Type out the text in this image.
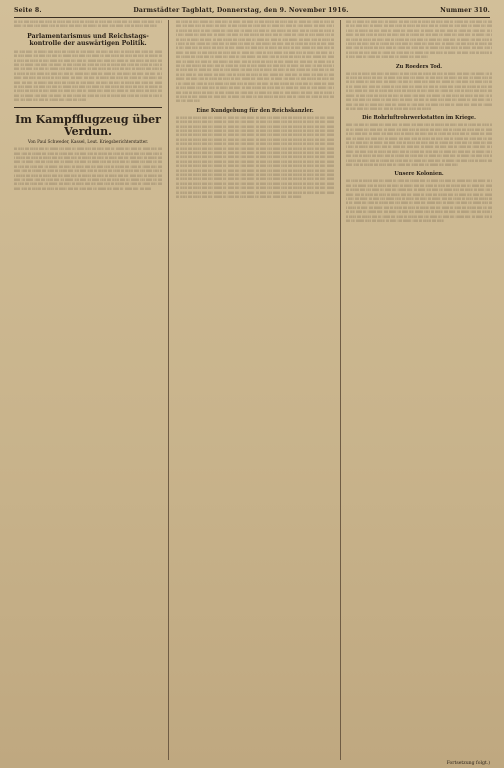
Seite 8.	Darmstädter Tagblatt, Donnerstag, den 9. November 1916.	Nummer 310.
ǀǀǀ ǀǀǀǀ ǀǀǀǀǀ ǀǀǀǀǀǀǀ ǀǀǀǀǀ ǀǀǀǀǀǀ ǀǀǀ ǀǀǀǀǀǀǀ ǀǀǀǀǀ ǀǀǀǀǀǀ ǀǀǀǀ ǀǀǀǀǀǀǀǀ ǀǀǀ ǀǀǀǀǀǀ ǀǀǀǀǀ ǀǀǀǀǀǀǀ ǀǀǀǀǀ ǀǀǀ ǀǀǀǀǀǀǀ ǀǀǀǀǀ ǀǀǀǀǀǀ ǀǀǀǀ ǀǀǀǀǀǀǀǀ ǀǀǀ ǀǀǀǀǀǀ ǀǀǀǀǀ ǀǀǀǀǀǀǀ ǀǀǀǀǀ ǀǀǀ ǀǀǀǀǀǀǀ ǀǀǀǀǀ ǀǀǀǀǀǀ ǀǀǀǀ ǀǀǀǀǀǀǀǀ ǀǀǀ ǀǀǀǀǀǀ ǀǀǀǀǀ ǀǀǀǀǀǀǀ ǀǀǀǀǀ ǀǀǀ ǀǀǀǀǀǀǀ ǀǀǀǀǀ ǀǀǀǀǀǀ
Parlamentarismus und Reichstags- kontrolle der auswärtigen Politik.
ǀǀǀǀ ǀǀǀǀǀ ǀǀǀǀǀǀ ǀǀǀ ǀǀǀǀǀǀǀǀ ǀǀǀǀǀ ǀǀǀǀǀǀ ǀǀǀǀ ǀǀǀǀǀǀǀ ǀǀǀ ǀǀǀǀǀ ǀǀǀǀǀǀǀ ǀǀǀǀ ǀǀǀǀǀǀ ǀǀǀǀ ǀǀǀǀǀ ǀǀǀ ǀǀǀǀǀǀǀǀ ǀǀǀǀǀ ǀǀǀǀǀǀ ǀǀǀǀ ǀǀǀǀǀǀǀ ǀǀǀ ǀǀǀǀǀ ǀǀǀǀǀǀǀ ǀǀǀǀ ǀǀǀǀǀǀ ǀǀǀǀ ǀǀǀǀǀ ǀǀǀ ǀǀǀǀǀǀǀǀ ǀǀǀǀǀ ǀǀǀǀǀǀ ǀǀǀǀ ǀǀǀǀǀǀǀ ǀǀǀ ǀǀǀǀǀ ǀǀǀǀǀǀǀ ǀǀǀǀ ǀǀǀǀǀǀ ǀǀǀǀ ǀǀǀǀǀ ǀǀǀ ǀǀǀǀǀǀǀǀ ǀǀǀǀǀ ǀǀǀǀǀǀ ǀǀǀǀ ǀǀǀǀǀǀǀ ǀǀǀ ǀǀǀǀǀ ǀǀǀǀǀǀǀ ǀǀǀǀ ǀǀǀǀǀǀ ǀǀǀǀ ǀǀǀǀǀ ǀǀǀ ǀǀǀǀǀǀǀǀ ǀǀǀǀǀ ǀǀǀǀǀǀ ǀǀǀǀ ǀǀǀǀǀǀǀ ǀǀǀ ǀǀǀǀǀ ǀǀǀǀǀǀǀ ǀǀǀǀ ǀǀǀǀǀǀ ǀǀǀǀ ǀǀǀǀǀ ǀǀǀ ǀǀǀǀǀǀǀǀ ǀǀǀǀǀ ǀǀǀǀǀǀ ǀǀǀǀ ǀǀǀǀǀǀǀ ǀǀǀ ǀǀǀǀǀ ǀǀǀǀǀǀǀ ǀǀǀǀ ǀǀǀǀǀǀ ǀǀǀǀ ǀǀǀǀǀ ǀǀǀ ǀǀǀǀǀǀǀǀ ǀǀǀǀǀ ǀǀǀǀǀǀ ǀǀǀǀ ǀǀǀǀǀǀǀ ǀǀǀ ǀǀǀǀǀ ǀǀǀǀǀǀǀ ǀǀǀǀ ǀǀǀǀǀǀ ǀǀǀǀ ǀǀǀǀǀ ǀǀǀ ǀǀǀǀǀǀǀǀ ǀǀǀǀǀ ǀǀǀǀǀǀ ǀǀǀǀ ǀǀǀǀǀǀǀ ǀǀǀ ǀǀǀǀǀ ǀǀǀǀǀǀǀ ǀǀǀǀ ǀǀǀǀǀǀ ǀǀǀǀ ǀǀǀǀǀ ǀǀǀ ǀǀǀǀǀǀǀǀ ǀǀǀǀǀ ǀǀǀǀǀǀ ǀǀǀǀ ǀǀǀǀǀǀǀ ǀǀǀ ǀǀǀǀǀ ǀǀǀǀǀǀǀ ǀǀǀǀ ǀǀǀǀǀǀ ǀǀǀǀ ǀǀǀǀǀ ǀǀǀ ǀǀǀǀǀǀǀǀ ǀǀǀǀǀ ǀǀǀǀǀǀ ǀǀǀǀ ǀǀǀǀǀǀǀ ǀǀǀ ǀǀǀǀǀ ǀǀǀǀǀǀǀ ǀǀǀǀ ǀǀǀǀǀǀ ǀǀǀǀ ǀǀǀǀǀ ǀǀǀ ǀǀǀǀǀǀǀǀ ǀǀǀǀǀ ǀǀǀǀǀǀ ǀǀǀǀ ǀǀǀǀǀǀǀ ǀǀǀ ǀǀǀǀǀ ǀǀǀǀǀǀǀ ǀǀǀǀ ǀǀǀǀǀǀ ǀǀǀǀ ǀǀǀǀǀ ǀǀǀ ǀǀǀǀǀǀǀǀ ǀǀǀǀǀ ǀǀǀǀǀǀ ǀǀǀǀ ǀǀǀǀǀǀǀ ǀǀǀ ǀǀǀǀǀ ǀǀǀǀǀǀǀ ǀǀǀǀ ǀǀǀǀǀǀ ǀǀǀǀ ǀǀǀǀǀ ǀǀǀ ǀǀǀǀǀǀǀǀ ǀǀǀǀǀ ǀǀǀǀǀǀ ǀǀǀǀ ǀǀǀǀǀǀǀ ǀǀǀ ǀǀǀǀǀ ǀǀǀǀǀǀǀ ǀǀǀǀ ǀǀǀǀǀǀ ǀǀǀǀ ǀǀǀǀǀ ǀǀǀ ǀǀǀǀǀǀǀǀ ǀǀǀǀǀ ǀǀǀǀǀǀ ǀǀǀǀ ǀǀǀǀǀǀǀ ǀǀǀ ǀǀǀǀǀ ǀǀǀǀǀǀǀ ǀǀǀǀ ǀǀǀǀǀǀ ǀǀǀǀ ǀǀǀǀǀ ǀǀǀ ǀǀǀǀǀǀǀǀ ǀǀǀǀǀ ǀǀǀǀǀǀ ǀǀǀǀ ǀǀǀǀǀǀǀ ǀǀǀ ǀǀǀǀǀ ǀǀǀǀǀǀǀ ǀǀǀǀ ǀǀǀǀǀǀ ǀǀǀǀ ǀǀǀǀǀ ǀǀǀ ǀǀǀǀǀǀǀǀ ǀǀǀǀǀ ǀǀǀǀǀǀ ǀǀǀǀ ǀǀǀǀǀǀǀ ǀǀǀ ǀǀǀǀǀ ǀǀǀǀǀǀǀ ǀǀǀǀ ǀǀǀǀǀǀ ǀǀǀǀ ǀǀǀǀǀ ǀǀǀ ǀǀǀǀǀǀǀǀ ǀǀǀǀǀ ǀǀǀǀǀǀ ǀǀǀǀ ǀǀǀǀǀǀǀ ǀǀǀ ǀǀǀǀǀ ǀǀǀǀǀǀǀ ǀǀǀǀ ǀǀǀǀǀǀ ǀǀǀǀ ǀǀǀǀǀ ǀǀǀ ǀǀǀǀǀǀǀǀ ǀǀǀǀǀ ǀǀǀǀǀǀ ǀǀǀǀ ǀǀǀǀǀǀǀ ǀǀǀ ǀǀǀǀǀ ǀǀǀǀǀǀǀ ǀǀǀǀ ǀǀǀǀǀǀ ǀǀǀǀ ǀǀǀǀǀ ǀǀǀ ǀǀǀǀǀǀǀǀ ǀǀǀǀǀ ǀǀǀǀǀǀ ǀǀǀǀ ǀǀǀǀǀǀǀ ǀǀǀ ǀǀǀǀǀ ǀǀǀǀǀǀǀ ǀǀǀǀ ǀǀǀǀǀǀ ǀǀǀǀ ǀǀǀǀǀ ǀǀǀ ǀǀǀǀǀǀǀǀ ǀǀǀǀǀ ǀǀǀǀǀǀ ǀǀǀǀ ǀǀǀǀǀǀǀ
Im Kampfflugzeug über Verdun.
Von Paul Schweder, Kassel, Leut. Kriegsberichterstatter.
ǀǀǀ ǀǀǀǀǀ ǀǀǀǀ ǀǀǀǀǀǀǀ ǀǀǀǀǀ ǀǀǀ ǀǀǀǀǀǀǀǀ ǀǀǀǀ ǀǀǀǀǀǀ ǀǀǀ ǀǀǀǀǀǀǀ ǀǀǀǀǀ ǀǀǀǀ ǀǀǀǀǀǀ ǀǀǀǀǀ ǀǀǀ ǀǀǀǀǀǀǀǀ ǀǀǀǀ ǀǀǀǀǀǀ ǀǀǀ ǀǀǀǀǀǀǀ ǀǀǀǀǀ ǀǀǀǀ ǀǀǀǀǀǀ ǀǀǀǀǀ ǀǀǀ ǀǀǀǀǀǀǀǀ ǀǀǀǀ ǀǀǀǀǀǀ ǀǀǀ ǀǀǀǀǀǀǀ ǀǀǀǀǀ ǀǀǀǀ ǀǀǀǀǀǀ ǀǀǀǀǀ ǀǀǀ ǀǀǀǀǀǀǀǀ ǀǀǀǀ ǀǀǀǀǀǀ ǀǀǀ ǀǀǀǀǀǀǀ ǀǀǀǀǀ ǀǀǀǀ ǀǀǀǀǀǀ ǀǀǀǀǀ ǀǀǀ ǀǀǀǀǀǀǀǀ ǀǀǀǀ ǀǀǀǀǀǀ ǀǀǀ ǀǀǀǀǀǀǀ ǀǀǀǀǀ ǀǀǀǀ ǀǀǀǀǀǀ ǀǀǀǀǀ ǀǀǀ ǀǀǀǀǀǀǀǀ ǀǀǀǀ ǀǀǀǀǀǀ ǀǀǀ ǀǀǀǀǀǀǀ ǀǀǀǀǀ ǀǀǀǀ ǀǀǀǀǀǀ ǀǀǀǀǀ ǀǀǀ ǀǀǀǀǀǀǀǀ ǀǀǀǀ ǀǀǀǀǀǀ ǀǀǀ ǀǀǀǀǀǀǀ ǀǀǀǀǀ ǀǀǀǀ ǀǀǀǀǀǀ ǀǀǀǀǀ ǀǀǀ ǀǀǀǀǀǀǀǀ ǀǀǀǀ ǀǀǀǀǀǀ ǀǀǀ ǀǀǀǀǀǀǀ ǀǀǀǀǀ ǀǀǀǀ ǀǀǀǀǀǀ ǀǀǀǀǀ ǀǀǀ ǀǀǀǀǀǀǀǀ ǀǀǀǀ ǀǀǀǀǀǀ ǀǀǀ ǀǀǀǀǀǀǀ ǀǀǀǀǀ ǀǀǀǀ ǀǀǀǀǀǀ ǀǀǀǀǀ ǀǀǀ ǀǀǀǀǀǀǀǀ ǀǀǀǀ ǀǀǀǀǀǀ ǀǀǀ ǀǀǀǀǀǀǀ ǀǀǀǀǀ ǀǀǀǀ ǀǀǀǀǀǀ ǀǀǀǀǀ ǀǀǀ ǀǀǀǀǀǀǀǀ ǀǀǀǀ ǀǀǀǀǀǀ ǀǀǀ ǀǀǀǀǀǀǀ ǀǀǀǀǀ ǀǀǀǀ ǀǀǀǀǀǀ ǀǀǀǀǀ ǀǀǀ ǀǀǀǀǀǀǀǀ ǀǀǀǀ ǀǀǀǀǀǀ ǀǀǀ ǀǀǀǀǀǀǀ ǀǀǀǀǀ ǀǀǀǀ ǀǀǀǀǀǀ ǀǀǀǀǀ ǀǀǀ ǀǀǀǀǀǀǀǀ ǀǀǀǀ ǀǀǀǀǀǀ ǀǀǀ ǀǀǀǀǀǀǀ ǀǀǀǀǀ ǀǀǀǀ ǀǀǀǀǀǀ ǀǀǀǀǀ ǀǀǀ ǀǀǀǀǀǀǀǀ ǀǀǀǀ ǀǀǀǀǀǀ ǀǀǀ ǀǀǀǀǀǀǀ ǀǀǀǀǀ ǀǀǀǀ ǀǀǀǀǀǀ ǀǀǀǀǀ ǀǀǀ ǀǀǀǀǀǀǀǀ ǀǀǀǀ ǀǀǀǀǀǀ ǀǀǀ ǀǀǀǀǀǀǀ ǀǀǀǀǀ ǀǀǀǀ ǀǀǀǀǀǀ ǀǀǀǀǀ ǀǀǀ ǀǀǀǀǀǀǀǀ ǀǀǀǀ ǀǀǀǀǀǀ ǀǀǀ ǀǀǀǀǀǀǀ ǀǀǀǀǀ ǀǀǀǀ ǀǀǀǀǀǀ ǀǀǀǀǀ ǀǀǀ ǀǀǀǀǀǀǀǀ ǀǀǀǀ ǀǀǀǀǀǀ ǀǀǀ ǀǀǀǀǀǀǀ ǀǀǀǀǀ ǀǀǀǀ ǀǀǀǀǀǀ ǀǀǀǀǀ ǀǀǀ ǀǀǀǀǀǀǀǀ ǀǀǀǀ ǀǀǀǀǀǀ ǀǀǀ ǀǀǀǀǀǀǀ ǀǀǀǀǀ ǀǀǀǀ ǀǀǀǀǀǀ ǀǀǀǀǀ ǀǀǀ ǀǀǀǀǀǀǀǀ ǀǀǀǀ ǀǀǀǀǀǀ ǀǀǀ ǀǀǀǀǀǀǀ ǀǀǀǀǀ ǀǀǀǀ ǀǀǀǀǀǀ ǀǀǀǀǀ ǀǀǀ ǀǀǀǀǀǀǀǀ ǀǀǀǀ ǀǀǀǀǀǀ ǀǀǀ ǀǀǀǀǀǀǀ ǀǀǀǀǀ ǀǀǀǀ ǀǀǀǀǀǀ ǀǀǀǀǀ ǀǀǀ ǀǀǀǀǀǀǀǀ ǀǀǀǀ ǀǀǀǀǀǀ ǀǀǀ ǀǀǀǀǀǀǀ ǀǀǀǀǀ ǀǀǀǀ ǀǀǀǀǀǀ ǀǀǀǀǀ ǀǀǀ ǀǀǀǀǀǀǀǀ ǀǀǀǀ ǀǀǀǀǀǀ ǀǀǀ ǀǀǀǀǀǀǀ ǀǀǀǀǀ ǀǀǀǀ ǀǀǀǀǀǀ
ǀǀǀǀ ǀǀǀǀǀǀ ǀǀǀ ǀǀǀǀǀ ǀǀǀǀǀǀǀǀ ǀǀǀǀ ǀǀǀǀǀǀ ǀǀǀǀǀ ǀǀǀ ǀǀǀǀǀǀǀ ǀǀǀǀ ǀǀǀǀǀǀ ǀǀǀ ǀǀǀǀǀ ǀǀǀǀǀǀǀǀ ǀǀǀǀ ǀǀǀǀǀǀ ǀǀǀǀǀ ǀǀǀ ǀǀǀǀǀǀǀ ǀǀǀǀ ǀǀǀǀǀǀ ǀǀǀ ǀǀǀǀǀ ǀǀǀǀǀǀǀǀ ǀǀǀǀ ǀǀǀǀǀǀ ǀǀǀǀǀ ǀǀǀ ǀǀǀǀǀǀǀ ǀǀǀǀ ǀǀǀǀǀǀ ǀǀǀ ǀǀǀǀǀ ǀǀǀǀǀǀǀǀ ǀǀǀǀ ǀǀǀǀǀǀ ǀǀǀǀǀ ǀǀǀ ǀǀǀǀǀǀǀ ǀǀǀǀ ǀǀǀǀǀǀ ǀǀǀ ǀǀǀǀǀ ǀǀǀǀǀǀǀǀ ǀǀǀǀ ǀǀǀǀǀǀ ǀǀǀǀǀ ǀǀǀ ǀǀǀǀǀǀǀ ǀǀǀǀ ǀǀǀǀǀǀ ǀǀǀ ǀǀǀǀǀ ǀǀǀǀǀǀǀǀ ǀǀǀǀ ǀǀǀǀǀǀ ǀǀǀǀǀ ǀǀǀ ǀǀǀǀǀǀǀ ǀǀǀǀ ǀǀǀǀǀǀ ǀǀǀ ǀǀǀǀǀ ǀǀǀǀǀǀǀǀ ǀǀǀǀ ǀǀǀǀǀǀ ǀǀǀǀǀ ǀǀǀ ǀǀǀǀǀǀǀ ǀǀǀǀ ǀǀǀǀǀǀ ǀǀǀ ǀǀǀǀǀ ǀǀǀǀǀǀǀǀ ǀǀǀǀ ǀǀǀǀǀǀ ǀǀǀǀǀ ǀǀǀ ǀǀǀǀǀǀǀ ǀǀǀǀ ǀǀǀǀǀǀ ǀǀǀ ǀǀǀǀǀ ǀǀǀǀǀǀǀǀ ǀǀǀǀ ǀǀǀǀǀǀ ǀǀǀǀǀ ǀǀǀ ǀǀǀǀǀǀǀ ǀǀǀǀ ǀǀǀǀǀǀ ǀǀǀ ǀǀǀǀǀ ǀǀǀǀǀǀǀǀ ǀǀǀǀ ǀǀǀǀǀǀ ǀǀǀǀǀ ǀǀǀ ǀǀǀǀǀǀǀ ǀǀǀǀ ǀǀǀǀǀǀ ǀǀǀ ǀǀǀǀǀ ǀǀǀǀǀǀǀǀ ǀǀǀǀ ǀǀǀǀǀǀ ǀǀǀǀǀ ǀǀǀ ǀǀǀǀǀǀǀ ǀǀǀǀ ǀǀǀǀǀǀ ǀǀǀ ǀǀǀǀǀ ǀǀǀǀǀǀǀǀ ǀǀǀǀ ǀǀǀǀǀǀ ǀǀǀǀǀ ǀǀǀ ǀǀǀǀǀǀǀ ǀǀǀǀ ǀǀǀǀǀǀ ǀǀǀ ǀǀǀǀǀ ǀǀǀǀǀǀǀǀ ǀǀǀǀ ǀǀǀǀǀǀ ǀǀǀǀǀ ǀǀǀ ǀǀǀǀǀǀǀ ǀǀǀǀ ǀǀǀǀǀǀ ǀǀǀ ǀǀǀǀǀ ǀǀǀǀǀǀǀǀ ǀǀǀǀ ǀǀǀǀǀǀ ǀǀǀǀǀ ǀǀǀ ǀǀǀǀǀǀǀ ǀǀǀǀ ǀǀǀǀǀǀ ǀǀǀ ǀǀǀǀǀ ǀǀǀǀǀǀǀǀ ǀǀǀǀ ǀǀǀǀǀǀ ǀǀǀǀǀ ǀǀǀ ǀǀǀǀǀǀǀ ǀǀǀǀ ǀǀǀǀǀǀ ǀǀǀ ǀǀǀǀǀ ǀǀǀǀǀǀǀǀ ǀǀǀǀ ǀǀǀǀǀǀ ǀǀǀǀǀ ǀǀǀ ǀǀǀǀǀǀǀ ǀǀǀǀ ǀǀǀǀǀǀ ǀǀǀ ǀǀǀǀǀ ǀǀǀǀǀǀǀǀ ǀǀǀǀ ǀǀǀǀǀǀ ǀǀǀǀǀ ǀǀǀ ǀǀǀǀǀǀǀ ǀǀǀǀ ǀǀǀǀǀǀ ǀǀǀ ǀǀǀǀǀ ǀǀǀǀǀǀǀǀ ǀǀǀǀ ǀǀǀǀǀǀ ǀǀǀǀǀ ǀǀǀ ǀǀǀǀǀǀǀ ǀǀǀǀ ǀǀǀǀǀǀ ǀǀǀ ǀǀǀǀǀ ǀǀǀǀǀǀǀǀ ǀǀǀǀ ǀǀǀǀǀǀ ǀǀǀǀǀ ǀǀǀ ǀǀǀǀǀǀǀ ǀǀǀǀ ǀǀǀǀǀǀ ǀǀǀ ǀǀǀǀǀ ǀǀǀǀǀǀǀǀ ǀǀǀǀ ǀǀǀǀǀǀ ǀǀǀǀǀ ǀǀǀ ǀǀǀǀǀǀǀ ǀǀǀǀ ǀǀǀǀǀǀ ǀǀǀ ǀǀǀǀǀ ǀǀǀǀǀǀǀǀ ǀǀǀǀ ǀǀǀǀǀǀ ǀǀǀǀǀ ǀǀǀ ǀǀǀǀǀǀǀ ǀǀǀǀ ǀǀǀǀǀǀ ǀǀǀ ǀǀǀǀǀ ǀǀǀǀǀǀǀǀ ǀǀǀǀ ǀǀǀǀǀǀ ǀǀǀǀǀ ǀǀǀ ǀǀǀǀǀǀǀ ǀǀǀǀ ǀǀǀǀǀǀ ǀǀǀ ǀǀǀǀǀ ǀǀǀǀǀǀǀǀ ǀǀǀǀ ǀǀǀǀǀǀ ǀǀǀǀǀ ǀǀǀ ǀǀǀǀǀǀǀ ǀǀǀǀ ǀǀǀǀǀǀ ǀǀǀ ǀǀǀǀǀ ǀǀǀǀǀǀǀǀ ǀǀǀǀ ǀǀǀǀǀǀ ǀǀǀǀǀ ǀǀǀ ǀǀǀǀǀǀǀ ǀǀǀǀ ǀǀǀǀǀǀ ǀǀǀ ǀǀǀǀǀ ǀǀǀǀǀǀǀǀ ǀǀǀǀ ǀǀǀǀǀǀ ǀǀǀǀǀ ǀǀǀ ǀǀǀǀǀǀǀ ǀǀǀǀ ǀǀǀǀǀǀ ǀǀǀ ǀǀǀǀǀ ǀǀǀǀǀǀǀǀ ǀǀǀǀ ǀǀǀǀǀǀ ǀǀǀǀǀ ǀǀǀ ǀǀǀǀǀǀǀ ǀǀǀǀ ǀǀǀǀǀǀ ǀǀǀ ǀǀǀǀǀ ǀǀǀǀǀǀǀǀ ǀǀǀǀ ǀǀǀǀǀǀ ǀǀǀǀǀ ǀǀǀ ǀǀǀǀǀǀǀ ǀǀǀǀ ǀǀǀǀǀǀ ǀǀǀ ǀǀǀǀǀ ǀǀǀǀǀǀǀǀ ǀǀǀǀ ǀǀǀǀǀǀ ǀǀǀǀǀ ǀǀǀ ǀǀǀǀǀǀǀ ǀǀǀǀ ǀǀǀǀǀǀ ǀǀǀ ǀǀǀǀǀ ǀǀǀǀǀǀǀǀ ǀǀǀǀ ǀǀǀǀǀǀ ǀǀǀǀǀ ǀǀǀ ǀǀǀǀǀǀǀ ǀǀǀǀ ǀǀǀǀǀǀ ǀǀǀ ǀǀǀǀǀ ǀǀǀǀǀǀǀǀ ǀǀǀǀ ǀǀǀǀǀǀ ǀǀǀǀǀ ǀǀǀ ǀǀǀǀǀǀǀ ǀǀǀǀ ǀǀǀǀǀǀ ǀǀǀ ǀǀǀǀǀ ǀǀǀǀǀǀǀǀ ǀǀǀǀ ǀǀǀǀǀǀ ǀǀǀǀǀ ǀǀǀ ǀǀǀǀǀǀǀ ǀǀǀǀ ǀǀǀǀǀǀ ǀǀǀ ǀǀǀǀǀ ǀǀǀǀǀǀǀǀ ǀǀǀǀ ǀǀǀǀǀǀ ǀǀǀǀǀ ǀǀǀ ǀǀǀǀǀǀǀ ǀǀǀǀ ǀǀǀǀǀǀ ǀǀǀ ǀǀǀǀǀ ǀǀǀǀǀǀǀǀ ǀǀǀǀ ǀǀǀǀǀǀ ǀǀǀǀǀ ǀǀǀ ǀǀǀǀǀǀǀ ǀǀǀǀ ǀǀǀǀǀǀ ǀǀǀ ǀǀǀǀǀ ǀǀǀǀǀǀǀǀ ǀǀǀǀ ǀǀǀǀǀǀ ǀǀǀǀǀ ǀǀǀ ǀǀǀǀǀǀǀ ǀǀǀǀ ǀǀǀǀǀǀ ǀǀǀ ǀǀǀǀǀ ǀǀǀǀǀǀǀǀ ǀǀǀǀ ǀǀǀǀǀǀ ǀǀǀǀǀ ǀǀǀ ǀǀǀǀǀǀǀ ǀǀǀǀ ǀǀǀǀǀǀ ǀǀǀ ǀǀǀǀǀ ǀǀǀǀǀǀǀǀ ǀǀǀǀ ǀǀǀǀǀǀ ǀǀǀǀǀ ǀǀǀ ǀǀǀǀǀǀǀ ǀǀǀǀ ǀǀǀǀǀǀ ǀǀǀ ǀǀǀǀǀ ǀǀǀǀǀǀǀǀ ǀǀǀǀ ǀǀǀǀǀǀ ǀǀǀǀǀ ǀǀǀ ǀǀǀǀǀǀǀ ǀǀǀǀ ǀǀǀǀǀǀ ǀǀǀ ǀǀǀǀǀ ǀǀǀǀǀǀǀǀ ǀǀǀǀ ǀǀǀǀǀǀ ǀǀǀǀǀ ǀǀǀ ǀǀǀǀǀǀǀ ǀǀǀǀ ǀǀǀǀǀǀ ǀǀǀ ǀǀǀǀǀ ǀǀǀǀǀǀǀǀ ǀǀǀǀ ǀǀǀǀǀǀ ǀǀǀǀǀ ǀǀǀ ǀǀǀǀǀǀǀ ǀǀǀǀ ǀǀǀǀǀǀ ǀǀǀ ǀǀǀǀǀ ǀǀǀǀǀǀǀǀ ǀǀǀǀ ǀǀǀǀǀǀ ǀǀǀǀǀ ǀǀǀ ǀǀǀǀǀǀǀ ǀǀǀǀ ǀǀǀǀǀǀ ǀǀǀ ǀǀǀǀǀ ǀǀǀǀǀǀǀǀ ǀǀǀǀ ǀǀǀǀǀǀ ǀǀǀǀǀ ǀǀǀ ǀǀǀǀǀǀǀ ǀǀǀǀ ǀǀǀǀǀǀ ǀǀǀ ǀǀǀǀǀ ǀǀǀǀǀǀǀǀ ǀǀǀǀ ǀǀǀǀǀǀ ǀǀǀǀǀ ǀǀǀ ǀǀǀǀǀǀǀ ǀǀǀǀ ǀǀǀǀǀǀ ǀǀǀ ǀǀǀǀǀ ǀǀǀǀǀǀǀǀ ǀǀǀǀ ǀǀǀǀǀǀ ǀǀǀǀǀ ǀǀǀ ǀǀǀǀǀǀǀ ǀǀǀǀ ǀǀǀǀǀǀ ǀǀǀ ǀǀǀǀǀ ǀǀǀǀǀǀǀǀ ǀǀǀǀ ǀǀǀǀǀǀ ǀǀǀǀǀ
Eine Kundgebung für den Reichskanzler.
ǀǀǀ ǀǀǀǀǀǀ ǀǀǀǀ ǀǀǀǀǀǀǀ ǀǀǀǀǀ ǀǀǀǀ ǀǀǀǀǀǀǀǀ ǀǀǀ ǀǀǀǀǀǀ ǀǀǀǀ ǀǀǀǀǀ ǀǀǀǀǀǀǀ ǀǀǀ ǀǀǀǀǀǀ ǀǀǀǀ ǀǀǀǀǀǀǀ ǀǀǀǀǀ ǀǀǀǀ ǀǀǀǀǀǀǀǀ ǀǀǀ ǀǀǀǀǀǀ ǀǀǀǀ ǀǀǀǀǀ ǀǀǀǀǀǀǀ ǀǀǀ ǀǀǀǀǀǀ ǀǀǀǀ ǀǀǀǀǀǀǀ ǀǀǀǀǀ ǀǀǀǀ ǀǀǀǀǀǀǀǀ ǀǀǀ ǀǀǀǀǀǀ ǀǀǀǀ ǀǀǀǀǀ ǀǀǀǀǀǀǀ ǀǀǀ ǀǀǀǀǀǀ ǀǀǀǀ ǀǀǀǀǀǀǀ ǀǀǀǀǀ ǀǀǀǀ ǀǀǀǀǀǀǀǀ ǀǀǀ ǀǀǀǀǀǀ ǀǀǀǀ ǀǀǀǀǀ ǀǀǀǀǀǀǀ ǀǀǀ ǀǀǀǀǀǀ ǀǀǀǀ ǀǀǀǀǀǀǀ ǀǀǀǀǀ ǀǀǀǀ ǀǀǀǀǀǀǀǀ ǀǀǀ ǀǀǀǀǀǀ ǀǀǀǀ ǀǀǀǀǀ ǀǀǀǀǀǀǀ ǀǀǀ ǀǀǀǀǀǀ ǀǀǀǀ ǀǀǀǀǀǀǀ ǀǀǀǀǀ ǀǀǀǀ ǀǀǀǀǀǀǀǀ ǀǀǀ ǀǀǀǀǀǀ ǀǀǀǀ ǀǀǀǀǀ ǀǀǀǀǀǀǀ ǀǀǀ ǀǀǀǀǀǀ ǀǀǀǀ ǀǀǀǀǀǀǀ ǀǀǀǀǀ ǀǀǀǀ ǀǀǀǀǀǀǀǀ ǀǀǀ ǀǀǀǀǀǀ ǀǀǀǀ ǀǀǀǀǀ ǀǀǀǀǀǀǀ ǀǀǀ ǀǀǀǀǀǀ ǀǀǀǀ ǀǀǀǀǀǀǀ ǀǀǀǀǀ ǀǀǀǀ ǀǀǀǀǀǀǀǀ ǀǀǀ ǀǀǀǀǀǀ ǀǀǀǀ ǀǀǀǀǀ ǀǀǀǀǀǀǀ ǀǀǀ ǀǀǀǀǀǀ ǀǀǀǀ ǀǀǀǀǀǀǀ ǀǀǀǀǀ ǀǀǀǀ ǀǀǀǀǀǀǀǀ ǀǀǀ ǀǀǀǀǀǀ ǀǀǀǀ ǀǀǀǀǀ ǀǀǀǀǀǀǀ ǀǀǀ ǀǀǀǀǀǀ ǀǀǀǀ ǀǀǀǀǀǀǀ ǀǀǀǀǀ ǀǀǀǀ ǀǀǀǀǀǀǀǀ ǀǀǀ ǀǀǀǀǀǀ ǀǀǀǀ ǀǀǀǀǀ ǀǀǀǀǀǀǀ ǀǀǀ ǀǀǀǀǀǀ ǀǀǀǀ ǀǀǀǀǀǀǀ ǀǀǀǀǀ ǀǀǀǀ ǀǀǀǀǀǀǀǀ ǀǀǀ ǀǀǀǀǀǀ ǀǀǀǀ ǀǀǀǀǀ ǀǀǀǀǀǀǀ ǀǀǀ ǀǀǀǀǀǀ ǀǀǀǀ ǀǀǀǀǀǀǀ ǀǀǀǀǀ ǀǀǀǀ ǀǀǀǀǀǀǀǀ ǀǀǀ ǀǀǀǀǀǀ ǀǀǀǀ ǀǀǀǀǀ ǀǀǀǀǀǀǀ ǀǀǀ ǀǀǀǀǀǀ ǀǀǀǀ ǀǀǀǀǀǀǀ ǀǀǀǀǀ ǀǀǀǀ ǀǀǀǀǀǀǀǀ ǀǀǀ ǀǀǀǀǀǀ ǀǀǀǀ ǀǀǀǀǀ ǀǀǀǀǀǀǀ ǀǀǀ ǀǀǀǀǀǀ ǀǀǀǀ ǀǀǀǀǀǀǀ ǀǀǀǀǀ ǀǀǀǀ ǀǀǀǀǀǀǀǀ ǀǀǀ ǀǀǀǀǀǀ ǀǀǀǀ ǀǀǀǀǀ ǀǀǀǀǀǀǀ ǀǀǀ ǀǀǀǀǀǀ ǀǀǀǀ ǀǀǀǀǀǀǀ ǀǀǀǀǀ ǀǀǀǀ ǀǀǀǀǀǀǀǀ ǀǀǀ ǀǀǀǀǀǀ ǀǀǀǀ ǀǀǀǀǀ ǀǀǀǀǀǀǀ ǀǀǀ ǀǀǀǀǀǀ ǀǀǀǀ ǀǀǀǀǀǀǀ ǀǀǀǀǀ ǀǀǀǀ ǀǀǀǀǀǀǀǀ ǀǀǀ ǀǀǀǀǀǀ ǀǀǀǀ ǀǀǀǀǀ ǀǀǀǀǀǀǀ ǀǀǀ ǀǀǀǀǀǀ ǀǀǀǀ ǀǀǀǀǀǀǀ ǀǀǀǀǀ ǀǀǀǀ ǀǀǀǀǀǀǀǀ ǀǀǀ ǀǀǀǀǀǀ ǀǀǀǀ ǀǀǀǀǀ ǀǀǀǀǀǀǀ ǀǀǀ ǀǀǀǀǀǀ ǀǀǀǀ ǀǀǀǀǀǀǀ ǀǀǀǀǀ ǀǀǀǀ ǀǀǀǀǀǀǀǀ ǀǀǀ ǀǀǀǀǀǀ ǀǀǀǀ ǀǀǀǀǀ ǀǀǀǀǀǀǀ ǀǀǀ ǀǀǀǀǀǀ ǀǀǀǀ ǀǀǀǀǀǀǀ ǀǀǀǀǀ ǀǀǀǀ ǀǀǀǀǀǀǀǀ ǀǀǀ ǀǀǀǀǀǀ ǀǀǀǀ ǀǀǀǀǀ ǀǀǀǀǀǀǀ ǀǀǀ ǀǀǀǀǀǀ ǀǀǀǀ ǀǀǀǀǀǀǀ ǀǀǀǀǀ ǀǀǀǀ ǀǀǀǀǀǀǀǀ ǀǀǀ ǀǀǀǀǀǀ ǀǀǀǀ ǀǀǀǀǀ ǀǀǀǀǀǀǀ ǀǀǀ ǀǀǀǀǀǀ ǀǀǀǀ ǀǀǀǀǀǀǀ ǀǀǀǀǀ ǀǀǀǀ ǀǀǀǀǀǀǀǀ ǀǀǀ ǀǀǀǀǀǀ ǀǀǀǀ ǀǀǀǀǀ ǀǀǀǀǀǀǀ ǀǀǀ ǀǀǀǀǀǀ ǀǀǀǀ ǀǀǀǀǀǀǀ ǀǀǀǀǀ ǀǀǀǀ ǀǀǀǀǀǀǀǀ ǀǀǀ ǀǀǀǀǀǀ ǀǀǀǀ ǀǀǀǀǀ ǀǀǀǀǀǀǀ ǀǀǀ ǀǀǀǀǀǀ ǀǀǀǀ ǀǀǀǀǀǀǀ ǀǀǀǀǀ ǀǀǀǀ ǀǀǀǀǀǀǀǀ ǀǀǀ ǀǀǀǀǀǀ ǀǀǀǀ ǀǀǀǀǀ ǀǀǀǀǀǀǀ ǀǀǀ ǀǀǀǀǀǀ ǀǀǀǀ ǀǀǀǀǀǀǀ ǀǀǀǀǀ ǀǀǀǀ ǀǀǀǀǀǀǀǀ ǀǀǀ ǀǀǀǀǀǀ ǀǀǀǀ ǀǀǀǀǀ ǀǀǀǀǀǀǀ ǀǀǀ ǀǀǀǀǀǀ ǀǀǀǀ ǀǀǀǀǀǀǀ ǀǀǀǀǀ ǀǀǀǀ ǀǀǀǀǀǀǀǀ ǀǀǀ ǀǀǀǀǀǀ ǀǀǀǀ ǀǀǀǀǀ ǀǀǀǀǀǀǀ ǀǀǀ ǀǀǀǀǀǀ ǀǀǀǀ ǀǀǀǀǀǀǀ ǀǀǀǀǀ ǀǀǀǀ ǀǀǀǀǀǀǀǀ ǀǀǀ ǀǀǀǀǀǀ ǀǀǀǀ ǀǀǀǀǀ ǀǀǀǀǀǀǀ ǀǀǀ ǀǀǀǀǀǀ ǀǀǀǀ ǀǀǀǀǀǀǀ ǀǀǀǀǀ ǀǀǀǀ ǀǀǀǀǀǀǀǀ ǀǀǀ ǀǀǀǀǀǀ ǀǀǀǀ ǀǀǀǀǀ ǀǀǀǀǀǀǀ ǀǀǀ ǀǀǀǀǀǀ ǀǀǀǀ ǀǀǀǀǀǀǀ ǀǀǀǀǀ ǀǀǀǀ ǀǀǀǀǀǀǀǀ ǀǀǀ ǀǀǀǀǀǀ ǀǀǀǀ ǀǀǀǀǀ ǀǀǀǀǀǀǀ ǀǀǀ ǀǀǀǀǀǀ ǀǀǀǀ ǀǀǀǀǀǀǀ ǀǀǀǀǀ ǀǀǀǀ ǀǀǀǀǀǀǀǀ ǀǀǀ ǀǀǀǀǀǀ ǀǀǀǀ ǀǀǀǀǀ ǀǀǀǀǀǀǀ ǀǀǀ ǀǀǀǀǀǀ ǀǀǀǀ ǀǀǀǀǀǀǀ ǀǀǀǀǀ ǀǀǀǀ ǀǀǀǀǀǀǀǀ ǀǀǀ ǀǀǀǀǀǀ ǀǀǀǀ ǀǀǀǀǀ ǀǀǀǀǀǀǀ ǀǀǀ ǀǀǀǀǀǀ ǀǀǀǀ ǀǀǀǀǀǀǀ ǀǀǀǀǀ ǀǀǀǀ ǀǀǀǀǀǀǀǀ ǀǀǀ ǀǀǀǀǀǀ ǀǀǀǀ ǀǀǀǀǀ ǀǀǀǀǀǀǀ ǀǀǀ ǀǀǀǀǀǀ ǀǀǀǀ ǀǀǀǀǀǀǀ ǀǀǀǀǀ ǀǀǀǀ ǀǀǀǀǀǀǀǀ ǀǀǀ ǀǀǀǀǀǀ ǀǀǀǀ ǀǀǀǀǀ ǀǀǀǀǀǀǀ ǀǀǀ ǀǀǀǀǀǀ ǀǀǀǀ ǀǀǀǀǀǀǀ ǀǀǀǀǀ ǀǀǀǀ ǀǀǀǀǀǀǀǀ ǀǀǀ ǀǀǀǀǀǀ ǀǀǀǀ ǀǀǀǀǀ ǀǀǀǀǀǀǀ ǀǀǀ ǀǀǀǀǀǀ ǀǀǀǀ ǀǀǀǀǀǀǀ ǀǀǀǀǀ ǀǀǀǀ ǀǀǀǀǀǀǀǀ ǀǀǀ ǀǀǀǀǀǀ ǀǀǀǀ ǀǀǀǀǀ ǀǀǀǀǀǀǀ ǀǀǀ ǀǀǀǀǀǀ ǀǀǀǀ ǀǀǀǀǀǀǀ ǀǀǀǀǀ ǀǀǀǀ ǀǀǀǀǀǀǀǀ ǀǀǀ ǀǀǀǀǀǀ ǀǀǀǀ ǀǀǀǀǀ ǀǀǀǀǀǀǀ ǀǀǀ ǀǀǀǀǀǀ ǀǀǀǀ ǀǀǀǀǀǀǀ ǀǀǀǀǀ ǀǀǀǀ ǀǀǀǀǀǀǀǀ ǀǀǀ ǀǀǀǀǀǀ ǀǀǀǀ ǀǀǀǀǀ ǀǀǀǀǀǀǀ ǀǀǀ ǀǀǀǀǀǀ ǀǀǀǀ ǀǀǀǀǀǀǀ ǀǀǀǀǀ ǀǀǀǀ ǀǀǀǀǀǀǀǀ ǀǀǀ ǀǀǀǀǀǀ ǀǀǀǀ ǀǀǀǀǀ ǀǀǀǀǀǀǀ ǀǀǀ ǀǀǀǀǀǀ ǀǀǀǀ ǀǀǀǀǀǀǀ ǀǀǀǀǀ ǀǀǀǀ ǀǀǀǀǀǀǀǀ
ǀǀǀǀǀ ǀǀǀ ǀǀǀǀǀǀǀ ǀǀǀǀ ǀǀǀǀǀǀ ǀǀǀǀǀ ǀǀǀ ǀǀǀǀǀǀǀǀ ǀǀǀǀ ǀǀǀǀǀ ǀǀǀǀǀǀ ǀǀǀ ǀǀǀǀǀǀǀ ǀǀǀǀ ǀǀǀǀǀǀ ǀǀǀǀǀ ǀǀǀ ǀǀǀǀǀǀǀǀ ǀǀǀǀ ǀǀǀǀǀ ǀǀǀǀǀǀ ǀǀǀ ǀǀǀǀǀǀǀ ǀǀǀǀ ǀǀǀǀǀǀ ǀǀǀǀǀ ǀǀǀ ǀǀǀǀǀǀǀǀ ǀǀǀǀ ǀǀǀǀǀ ǀǀǀǀǀǀ ǀǀǀ ǀǀǀǀǀǀǀ ǀǀǀǀ ǀǀǀǀǀǀ ǀǀǀǀǀ ǀǀǀ ǀǀǀǀǀǀǀǀ ǀǀǀǀ ǀǀǀǀǀ ǀǀǀǀǀǀ ǀǀǀ ǀǀǀǀǀǀǀ ǀǀǀǀ ǀǀǀǀǀǀ ǀǀǀǀǀ ǀǀǀ ǀǀǀǀǀǀǀǀ ǀǀǀǀ ǀǀǀǀǀ ǀǀǀǀǀǀ ǀǀǀ ǀǀǀǀǀǀǀ ǀǀǀǀ ǀǀǀǀǀǀ ǀǀǀǀǀ ǀǀǀ ǀǀǀǀǀǀǀǀ ǀǀǀǀ ǀǀǀǀǀ ǀǀǀǀǀǀ ǀǀǀ ǀǀǀǀǀǀǀ ǀǀǀǀ ǀǀǀǀǀǀ ǀǀǀǀǀ ǀǀǀ ǀǀǀǀǀǀǀǀ ǀǀǀǀ ǀǀǀǀǀ ǀǀǀǀǀǀ ǀǀǀ ǀǀǀǀǀǀǀ ǀǀǀǀ ǀǀǀǀǀǀ ǀǀǀǀǀ ǀǀǀ ǀǀǀǀǀǀǀǀ ǀǀǀǀ ǀǀǀǀǀ ǀǀǀǀǀǀ ǀǀǀ ǀǀǀǀǀǀǀ ǀǀǀǀ ǀǀǀǀǀǀ ǀǀǀǀǀ ǀǀǀ ǀǀǀǀǀǀǀǀ ǀǀǀǀ ǀǀǀǀǀ ǀǀǀǀǀǀ ǀǀǀ ǀǀǀǀǀǀǀ ǀǀǀǀ ǀǀǀǀǀǀ ǀǀǀǀǀ ǀǀǀ ǀǀǀǀǀǀǀǀ ǀǀǀǀ ǀǀǀǀǀ ǀǀǀǀǀǀ ǀǀǀ ǀǀǀǀǀǀǀ ǀǀǀǀ ǀǀǀǀǀǀ ǀǀǀǀǀ ǀǀǀ ǀǀǀǀǀǀǀǀ ǀǀǀǀ ǀǀǀǀǀ ǀǀǀǀǀǀ ǀǀǀ ǀǀǀǀǀǀǀ ǀǀǀǀ ǀǀǀǀǀǀ ǀǀǀǀǀ ǀǀǀ ǀǀǀǀǀǀǀǀ ǀǀǀǀ ǀǀǀǀǀ ǀǀǀǀǀǀ ǀǀǀ ǀǀǀǀǀǀǀ ǀǀǀǀ ǀǀǀǀǀǀ ǀǀǀǀǀ ǀǀǀ ǀǀǀǀǀǀǀǀ ǀǀǀǀ ǀǀǀǀǀ ǀǀǀǀǀǀ ǀǀǀ ǀǀǀǀǀǀǀ ǀǀǀǀ ǀǀǀǀǀǀ ǀǀǀǀǀ ǀǀǀ ǀǀǀǀǀǀǀǀ ǀǀǀǀ ǀǀǀǀǀ ǀǀǀǀǀǀ ǀǀǀ ǀǀǀǀǀǀǀ ǀǀǀǀ ǀǀǀǀǀǀ ǀǀǀǀǀ ǀǀǀ ǀǀǀǀǀǀǀǀ ǀǀǀǀ ǀǀǀǀǀ ǀǀǀǀǀǀ ǀǀǀ ǀǀǀǀǀǀǀ ǀǀǀǀ ǀǀǀǀǀǀ ǀǀǀǀǀ ǀǀǀ ǀǀǀǀǀǀǀǀ ǀǀǀǀ ǀǀǀǀǀ ǀǀǀǀǀǀ ǀǀǀ ǀǀǀǀǀǀǀ ǀǀǀǀ ǀǀǀǀǀǀ ǀǀǀǀǀ ǀǀǀ ǀǀǀǀǀǀǀǀ ǀǀǀǀ ǀǀǀǀǀ ǀǀǀǀǀǀ ǀǀǀ ǀǀǀǀǀǀǀ ǀǀǀǀ ǀǀǀǀǀǀ ǀǀǀǀǀ ǀǀǀ ǀǀǀǀǀǀǀǀ ǀǀǀǀ ǀǀǀǀǀ ǀǀǀǀǀǀ ǀǀǀ ǀǀǀǀǀǀǀ ǀǀǀǀ ǀǀǀǀǀǀ ǀǀǀǀǀ ǀǀǀ ǀǀǀǀǀǀǀǀ ǀǀǀǀ ǀǀǀǀǀ ǀǀǀǀǀǀ
Zu Roeders Tod.
ǀǀǀǀ ǀǀǀǀǀ ǀǀǀ ǀǀǀǀǀǀǀ ǀǀǀǀǀ ǀǀǀǀǀǀ ǀǀǀǀ ǀǀǀǀǀǀǀǀ ǀǀǀ ǀǀǀǀǀ ǀǀǀǀǀǀ ǀǀǀǀ ǀǀǀǀǀǀǀ ǀǀǀǀ ǀǀǀǀǀ ǀǀǀ ǀǀǀǀǀǀǀ ǀǀǀǀǀ ǀǀǀǀǀǀ ǀǀǀǀ ǀǀǀǀǀǀǀǀ ǀǀǀ ǀǀǀǀǀ ǀǀǀǀǀǀ ǀǀǀǀ ǀǀǀǀǀǀǀ ǀǀǀǀ ǀǀǀǀǀ ǀǀǀ ǀǀǀǀǀǀǀ ǀǀǀǀǀ ǀǀǀǀǀǀ ǀǀǀǀ ǀǀǀǀǀǀǀǀ ǀǀǀ ǀǀǀǀǀ ǀǀǀǀǀǀ ǀǀǀǀ ǀǀǀǀǀǀǀ ǀǀǀǀ ǀǀǀǀǀ ǀǀǀ ǀǀǀǀǀǀǀ ǀǀǀǀǀ ǀǀǀǀǀǀ ǀǀǀǀ ǀǀǀǀǀǀǀǀ ǀǀǀ ǀǀǀǀǀ ǀǀǀǀǀǀ ǀǀǀǀ ǀǀǀǀǀǀǀ ǀǀǀǀ ǀǀǀǀǀ ǀǀǀ ǀǀǀǀǀǀǀ ǀǀǀǀǀ ǀǀǀǀǀǀ ǀǀǀǀ ǀǀǀǀǀǀǀǀ ǀǀǀ ǀǀǀǀǀ ǀǀǀǀǀǀ ǀǀǀǀ ǀǀǀǀǀǀǀ ǀǀǀǀ ǀǀǀǀǀ ǀǀǀ ǀǀǀǀǀǀǀ ǀǀǀǀǀ ǀǀǀǀǀǀ ǀǀǀǀ ǀǀǀǀǀǀǀǀ ǀǀǀ ǀǀǀǀǀ ǀǀǀǀǀǀ ǀǀǀǀ ǀǀǀǀǀǀǀ ǀǀǀǀ ǀǀǀǀǀ ǀǀǀ ǀǀǀǀǀǀǀ ǀǀǀǀǀ ǀǀǀǀǀǀ ǀǀǀǀ ǀǀǀǀǀǀǀǀ ǀǀǀ ǀǀǀǀǀ ǀǀǀǀǀǀ ǀǀǀǀ ǀǀǀǀǀǀǀ ǀǀǀǀ ǀǀǀǀǀ ǀǀǀ ǀǀǀǀǀǀǀ ǀǀǀǀǀ ǀǀǀǀǀǀ ǀǀǀǀ ǀǀǀǀǀǀǀǀ ǀǀǀ ǀǀǀǀǀ ǀǀǀǀǀǀ ǀǀǀǀ ǀǀǀǀǀǀǀ ǀǀǀǀ ǀǀǀǀǀ ǀǀǀ ǀǀǀǀǀǀǀ ǀǀǀǀǀ ǀǀǀǀǀǀ ǀǀǀǀ ǀǀǀǀǀǀǀǀ ǀǀǀ ǀǀǀǀǀ ǀǀǀǀǀǀ ǀǀǀǀ ǀǀǀǀǀǀǀ ǀǀǀǀ ǀǀǀǀǀ ǀǀǀ ǀǀǀǀǀǀǀ ǀǀǀǀǀ ǀǀǀǀǀǀ ǀǀǀǀ ǀǀǀǀǀǀǀǀ ǀǀǀ ǀǀǀǀǀ ǀǀǀǀǀǀ ǀǀǀǀ ǀǀǀǀǀǀǀ ǀǀǀǀ ǀǀǀǀǀ ǀǀǀ ǀǀǀǀǀǀǀ ǀǀǀǀǀ ǀǀǀǀǀǀ ǀǀǀǀ ǀǀǀǀǀǀǀǀ ǀǀǀ ǀǀǀǀǀ ǀǀǀǀǀǀ ǀǀǀǀ ǀǀǀǀǀǀǀ ǀǀǀǀ ǀǀǀǀǀ ǀǀǀ ǀǀǀǀǀǀǀ ǀǀǀǀǀ ǀǀǀǀǀǀ ǀǀǀǀ ǀǀǀǀǀǀǀǀ ǀǀǀ ǀǀǀǀǀ ǀǀǀǀǀǀ ǀǀǀǀ ǀǀǀǀǀǀǀ ǀǀǀǀ ǀǀǀǀǀ ǀǀǀ ǀǀǀǀǀǀǀ ǀǀǀǀǀ ǀǀǀǀǀǀ ǀǀǀǀ ǀǀǀǀǀǀǀǀ ǀǀǀ ǀǀǀǀǀ ǀǀǀǀǀǀ ǀǀǀǀ ǀǀǀǀǀǀǀ ǀǀǀǀ ǀǀǀǀǀ ǀǀǀ ǀǀǀǀǀǀǀ ǀǀǀǀǀ ǀǀǀǀǀǀ ǀǀǀǀ ǀǀǀǀǀǀǀǀ ǀǀǀ ǀǀǀǀǀ ǀǀǀǀǀǀ ǀǀǀǀ ǀǀǀǀǀǀǀ ǀǀǀǀ ǀǀǀǀǀ ǀǀǀ ǀǀǀǀǀǀǀ ǀǀǀǀǀ ǀǀǀǀǀǀ ǀǀǀǀ ǀǀǀǀǀǀǀǀ
Die Rohrluftrohrwerkstatten im Kriege.
ǀǀǀǀǀǀ ǀǀǀǀ ǀǀǀǀǀ ǀǀǀ ǀǀǀǀǀǀǀǀ ǀǀǀǀ ǀǀǀǀǀǀ ǀǀǀǀǀ ǀǀǀ ǀǀǀǀǀǀǀ ǀǀǀǀ ǀǀǀǀǀǀ ǀǀǀǀǀ ǀǀǀ ǀǀǀǀǀǀǀǀ ǀǀǀǀ ǀǀǀǀǀǀ ǀǀǀǀǀ ǀǀǀ ǀǀǀǀǀǀǀ ǀǀǀǀ ǀǀǀǀǀǀ ǀǀǀǀǀ ǀǀǀ ǀǀǀǀǀǀǀǀ ǀǀǀǀ ǀǀǀǀǀǀ ǀǀǀǀǀ ǀǀǀ ǀǀǀǀǀǀǀ ǀǀǀǀ ǀǀǀǀǀǀ ǀǀǀǀǀ ǀǀǀ ǀǀǀǀǀǀǀǀ ǀǀǀǀ ǀǀǀǀǀǀ ǀǀǀǀǀ ǀǀǀ ǀǀǀǀǀǀǀ ǀǀǀǀ ǀǀǀǀǀǀ ǀǀǀǀǀ ǀǀǀ ǀǀǀǀǀǀǀǀ ǀǀǀǀ ǀǀǀǀǀǀ ǀǀǀǀǀ ǀǀǀ ǀǀǀǀǀǀǀ ǀǀǀǀ ǀǀǀǀǀǀ ǀǀǀǀǀ ǀǀǀ ǀǀǀǀǀǀǀǀ ǀǀǀǀ ǀǀǀǀǀǀ ǀǀǀǀǀ ǀǀǀ ǀǀǀǀǀǀǀ ǀǀǀǀ ǀǀǀǀǀǀ ǀǀǀǀǀ ǀǀǀ ǀǀǀǀǀǀǀǀ ǀǀǀǀ ǀǀǀǀǀǀ ǀǀǀǀǀ ǀǀǀ ǀǀǀǀǀǀǀ ǀǀǀǀ ǀǀǀǀǀǀ ǀǀǀǀǀ ǀǀǀ ǀǀǀǀǀǀǀǀ ǀǀǀǀ ǀǀǀǀǀǀ ǀǀǀǀǀ ǀǀǀ ǀǀǀǀǀǀǀ ǀǀǀǀ ǀǀǀǀǀǀ ǀǀǀǀǀ ǀǀǀ ǀǀǀǀǀǀǀǀ ǀǀǀǀ ǀǀǀǀǀǀ ǀǀǀǀǀ ǀǀǀ ǀǀǀǀǀǀǀ ǀǀǀǀ ǀǀǀǀǀǀ ǀǀǀǀǀ ǀǀǀ ǀǀǀǀǀǀǀǀ ǀǀǀǀ ǀǀǀǀǀǀ ǀǀǀǀǀ ǀǀǀ ǀǀǀǀǀǀǀ ǀǀǀǀ ǀǀǀǀǀǀ ǀǀǀǀǀ ǀǀǀ ǀǀǀǀǀǀǀǀ ǀǀǀǀ ǀǀǀǀǀǀ ǀǀǀǀǀ ǀǀǀ ǀǀǀǀǀǀǀ ǀǀǀǀ ǀǀǀǀǀǀ ǀǀǀǀǀ ǀǀǀ ǀǀǀǀǀǀǀǀ ǀǀǀǀ ǀǀǀǀǀǀ ǀǀǀǀǀ ǀǀǀ ǀǀǀǀǀǀǀ ǀǀǀǀ ǀǀǀǀǀǀ ǀǀǀǀǀ ǀǀǀ ǀǀǀǀǀǀǀǀ ǀǀǀǀ ǀǀǀǀǀǀ ǀǀǀǀǀ ǀǀǀ ǀǀǀǀǀǀǀ ǀǀǀǀ ǀǀǀǀǀǀ ǀǀǀǀǀ ǀǀǀ ǀǀǀǀǀǀǀǀ ǀǀǀǀ ǀǀǀǀǀǀ ǀǀǀǀǀ ǀǀǀ ǀǀǀǀǀǀǀ ǀǀǀǀ ǀǀǀǀǀǀ ǀǀǀǀǀ ǀǀǀ ǀǀǀǀǀǀǀǀ ǀǀǀǀ ǀǀǀǀǀǀ ǀǀǀǀǀ ǀǀǀ ǀǀǀǀǀǀǀ ǀǀǀǀ ǀǀǀǀǀǀ ǀǀǀǀǀ ǀǀǀ ǀǀǀǀǀǀǀǀ ǀǀǀǀ ǀǀǀǀǀǀ ǀǀǀǀǀ ǀǀǀ ǀǀǀǀǀǀǀ ǀǀǀǀ ǀǀǀǀǀǀ ǀǀǀǀǀ ǀǀǀ ǀǀǀǀǀǀǀǀ ǀǀǀǀ ǀǀǀǀǀǀ ǀǀǀǀǀ ǀǀǀ ǀǀǀǀǀǀǀ ǀǀǀǀ ǀǀǀǀǀǀ ǀǀǀǀǀ ǀǀǀ ǀǀǀǀǀǀǀǀ ǀǀǀǀ ǀǀǀǀǀǀ ǀǀǀǀǀ ǀǀǀ ǀǀǀǀǀǀǀ ǀǀǀǀ ǀǀǀǀǀǀ ǀǀǀǀǀ ǀǀǀ ǀǀǀǀǀǀǀǀ ǀǀǀǀ ǀǀǀǀǀǀ ǀǀǀǀǀ ǀǀǀ ǀǀǀǀǀǀǀ ǀǀǀǀ ǀǀǀǀǀǀ ǀǀǀǀǀ ǀǀǀ ǀǀǀǀǀǀǀǀ ǀǀǀǀ ǀǀǀǀǀǀ ǀǀǀǀǀ ǀǀǀ ǀǀǀǀǀǀǀ ǀǀǀǀ ǀǀǀǀǀǀ ǀǀǀǀǀ ǀǀǀ ǀǀǀǀǀǀǀǀ ǀǀǀǀ ǀǀǀǀǀǀ ǀǀǀǀǀ ǀǀǀ ǀǀǀǀǀǀǀ ǀǀǀǀ ǀǀǀǀǀǀ ǀǀǀǀǀ ǀǀǀ ǀǀǀǀǀǀǀǀ ǀǀǀǀ ǀǀǀǀǀǀ ǀǀǀǀǀ
Unsere Kolonien.
ǀǀǀǀ ǀǀǀǀǀǀ ǀǀǀ ǀǀǀǀǀǀǀǀ ǀǀǀǀǀ ǀǀǀǀ ǀǀǀǀǀǀǀ ǀǀǀ ǀǀǀǀǀǀ ǀǀǀǀ ǀǀǀǀǀǀǀǀ ǀǀǀǀǀ ǀǀǀ ǀǀǀǀǀǀǀ ǀǀǀǀ ǀǀǀǀǀǀ ǀǀǀ ǀǀǀǀǀǀǀǀ ǀǀǀǀǀ ǀǀǀǀ ǀǀǀǀǀǀǀ ǀǀǀ ǀǀǀǀǀǀ ǀǀǀǀ ǀǀǀǀǀǀǀǀ ǀǀǀǀǀ ǀǀǀ ǀǀǀǀǀǀǀ ǀǀǀǀ ǀǀǀǀǀǀ ǀǀǀ ǀǀǀǀǀǀǀǀ ǀǀǀǀǀ ǀǀǀǀ ǀǀǀǀǀǀǀ ǀǀǀ ǀǀǀǀǀǀ ǀǀǀǀ ǀǀǀǀǀǀǀǀ ǀǀǀǀǀ ǀǀǀ ǀǀǀǀǀǀǀ ǀǀǀǀ ǀǀǀǀǀǀ ǀǀǀ ǀǀǀǀǀǀǀǀ ǀǀǀǀǀ ǀǀǀǀ ǀǀǀǀǀǀǀ ǀǀǀ ǀǀǀǀǀǀ ǀǀǀǀ ǀǀǀǀǀǀǀǀ ǀǀǀǀǀ ǀǀǀ ǀǀǀǀǀǀǀ ǀǀǀǀ ǀǀǀǀǀǀ ǀǀǀ ǀǀǀǀǀǀǀǀ ǀǀǀǀǀ ǀǀǀǀ ǀǀǀǀǀǀǀ ǀǀǀ ǀǀǀǀǀǀ ǀǀǀǀ ǀǀǀǀǀǀǀǀ ǀǀǀǀǀ ǀǀǀ ǀǀǀǀǀǀǀ ǀǀǀǀ ǀǀǀǀǀǀ ǀǀǀ ǀǀǀǀǀǀǀǀ ǀǀǀǀǀ ǀǀǀǀ ǀǀǀǀǀǀǀ ǀǀǀ ǀǀǀǀǀǀ ǀǀǀǀ ǀǀǀǀǀǀǀǀ ǀǀǀǀǀ ǀǀǀ ǀǀǀǀǀǀǀ ǀǀǀǀ ǀǀǀǀǀǀ ǀǀǀ ǀǀǀǀǀǀǀǀ ǀǀǀǀǀ ǀǀǀǀ ǀǀǀǀǀǀǀ ǀǀǀ ǀǀǀǀǀǀ ǀǀǀǀ ǀǀǀǀǀǀǀǀ ǀǀǀǀǀ ǀǀǀ ǀǀǀǀǀǀǀ ǀǀǀǀ ǀǀǀǀǀǀ ǀǀǀ ǀǀǀǀǀǀǀǀ ǀǀǀǀǀ ǀǀǀǀ ǀǀǀǀǀǀǀ ǀǀǀ ǀǀǀǀǀǀ ǀǀǀǀ ǀǀǀǀǀǀǀǀ ǀǀǀǀǀ ǀǀǀ ǀǀǀǀǀǀǀ ǀǀǀǀ ǀǀǀǀǀǀ ǀǀǀ ǀǀǀǀǀǀǀǀ ǀǀǀǀǀ ǀǀǀǀ ǀǀǀǀǀǀǀ ǀǀǀ ǀǀǀǀǀǀ ǀǀǀǀ ǀǀǀǀǀǀǀǀ ǀǀǀǀǀ ǀǀǀ ǀǀǀǀǀǀǀ ǀǀǀǀ ǀǀǀǀǀǀ ǀǀǀ ǀǀǀǀǀǀǀǀ ǀǀǀǀǀ ǀǀǀǀ ǀǀǀǀǀǀǀ ǀǀǀ ǀǀǀǀǀǀ ǀǀǀǀ ǀǀǀǀǀǀǀǀ ǀǀǀǀǀ ǀǀǀ ǀǀǀǀǀǀǀ ǀǀǀǀ ǀǀǀǀǀǀ ǀǀǀ ǀǀǀǀǀǀǀǀ ǀǀǀǀǀ ǀǀǀǀ ǀǀǀǀǀǀǀ ǀǀǀ ǀǀǀǀǀǀ ǀǀǀǀ ǀǀǀǀǀǀǀǀ ǀǀǀǀǀ ǀǀǀ ǀǀǀǀǀǀǀ ǀǀǀǀ ǀǀǀǀǀǀ ǀǀǀ ǀǀǀǀǀǀǀǀ ǀǀǀǀǀ ǀǀǀǀ ǀǀǀǀǀǀǀ ǀǀǀ ǀǀǀǀǀǀ ǀǀǀǀ ǀǀǀǀǀǀǀǀ ǀǀǀǀǀ ǀǀǀ ǀǀǀǀǀǀǀ ǀǀǀǀ ǀǀǀǀǀǀ ǀǀǀ ǀǀǀǀǀǀǀǀ ǀǀǀǀǀ ǀǀǀǀ ǀǀǀǀǀǀǀ ǀǀǀ ǀǀǀǀǀǀ ǀǀǀǀ ǀǀǀǀǀǀǀǀ ǀǀǀǀǀ ǀǀǀ ǀǀǀǀǀǀǀ ǀǀǀǀ ǀǀǀǀǀǀ ǀǀǀ ǀǀǀǀǀǀǀǀ ǀǀǀǀǀ ǀǀǀǀ ǀǀǀǀǀǀǀ ǀǀǀ ǀǀǀǀǀǀ ǀǀǀǀ ǀǀǀǀǀǀǀǀ ǀǀǀǀǀ ǀǀǀ ǀǀǀǀǀǀǀ ǀǀǀǀ ǀǀǀǀǀǀ ǀǀǀ ǀǀǀǀǀǀǀǀ ǀǀǀǀǀ ǀǀǀǀ ǀǀǀǀǀǀǀ ǀǀǀ ǀǀǀǀǀǀ ǀǀǀǀ ǀǀǀǀǀǀǀǀ ǀǀǀǀǀ ǀǀǀ ǀǀǀǀǀǀǀ ǀǀǀǀ ǀǀǀǀǀǀ
Fortsetzung folgt.)
